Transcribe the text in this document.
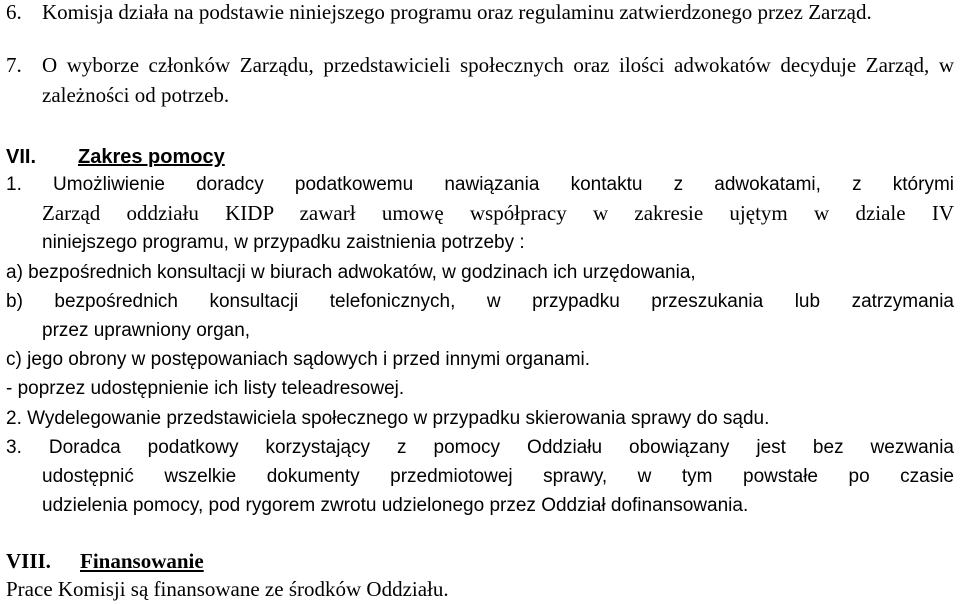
6. Komisja działa na podstawie niniejszego programu oraz regulaminu zatwierdzonego przez Zarząd.
7. O wyborze członków Zarządu, przedstawicieli społecznych oraz ilości adwokatów decyduje Zarząd, w zależności od potrzeb.
VII. Zakres pomocy
1. Umożliwienie doradcy podatkowemu nawiązania kontaktu z adwokatami, z którymi
Zarząd oddziału KIDP zawarł umowę współpracy w zakresie ujętym w dziale IV
niniejszego programu, w przypadku zaistnienia potrzeby :
a) bezpośrednich konsultacji w biurach adwokatów, w godzinach ich urzędowania,
b) bezpośrednich konsultacji telefonicznych, w przypadku przeszukania lub zatrzymania
przez uprawniony organ,
c) jego obrony w postępowaniach sądowych i przed innymi organami.
- poprzez udostępnienie ich listy teleadresowej.
2. Wydelegowanie przedstawiciela społecznego w przypadku skierowania sprawy do sądu.
3. Doradca podatkowy korzystający z pomocy Oddziału obowiązany jest bez wezwania
udostępnić wszelkie dokumenty przedmiotowej sprawy, w tym powstałe po czasie
udzielenia pomocy, pod rygorem zwrotu udzielonego przez Oddział dofinansowania.
VIII. Finansowanie
Prace Komisji są finansowane ze środków Oddziału.
